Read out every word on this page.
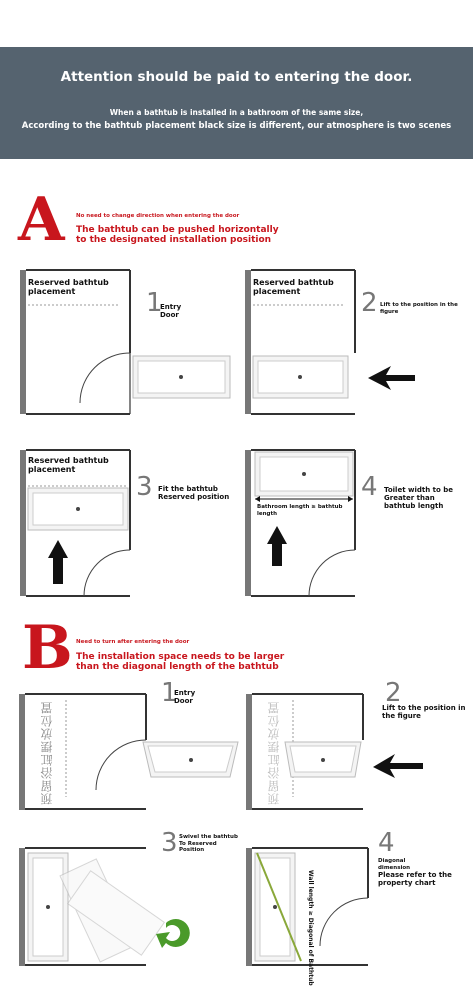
Attention should be paid to entering the door.
When a bathtub is installed in a bathroom of the same size,
According to the bathtub placement black size is different, our atmosphere is two scenes
A No need to change direction when entering the door
The bathtub can be pushed horizontally to the designated installation position
Reserved bathtub placement	1
Entry Door
Reserved bathtub placement	2 Lift to the position in the figure
Reserved bathtub placement
3 Fit the bathtub Reserved position
Bathroom length ≥ bathtub length
4 Toilet width to be Greater than bathtub length
B Need to turn after entering the door
The installation space needs to be larger than the diagonal length of the bathtub
预留浴缸摆放位置
1
Entry Door	预留浴缸摆放位置
2
Lift to the position in the figure
3 Swivel the bathtub To Reserved Position
Wall length ≥ Diagonal of Bathtub
4
Diagonal dimension
Please refer to the property chart
